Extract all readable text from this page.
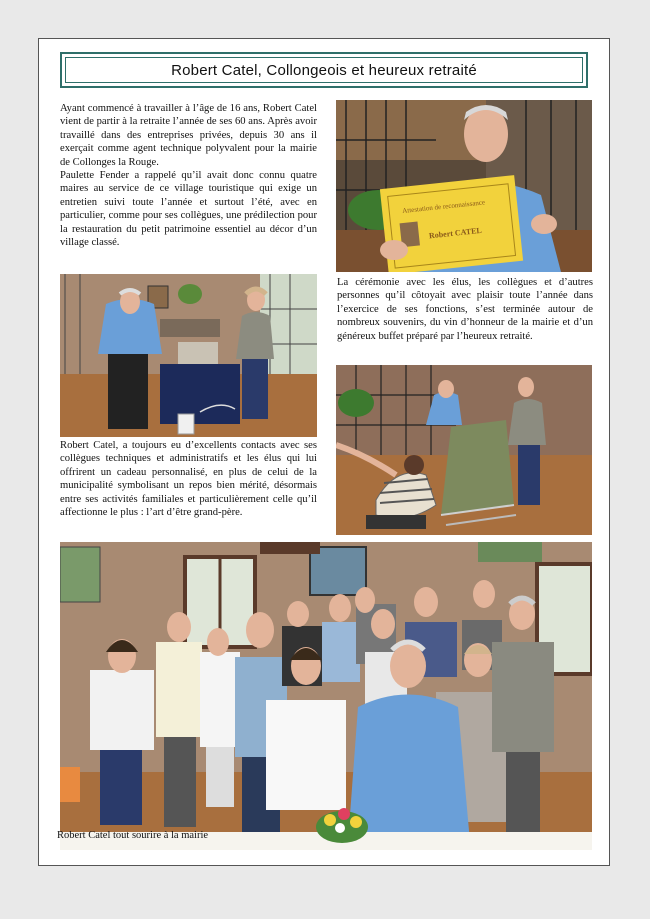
Robert Catel, Collongeois et heureux retraité
Ayant commencé à travailler à l’âge de 16 ans, Robert Catel vient de partir à la retraite l’année de ses 60 ans. Après avoir travaillé dans des entreprises privées, depuis 30 ans il exerçait comme agent technique polyvalent pour la mairie de Collonges la Rouge.
Paulette Fender a rappelé qu’il avait donc connu quatre maires au service de ce village touristique qui exige un entretien suivi toute l’année et surtout l’été, avec en particulier, comme pour ses collègues, une prédilection pour la restauration du petit patrimoine essentiel au décor d’un village classé.
Attestation de reconnaissance
Robert CATEL
La cérémonie avec les élus, les collègues et d’autres personnes qu’il côtoyait avec plaisir toute l’année dans l’exercice de ses fonctions, s’est terminée autour de nombreux souvenirs, du vin d’honneur de la mairie et d’un généreux buffet préparé par l’heureux retraité.
Robert Catel, a toujours eu d’excellents contacts avec ses collègues techniques et administratifs et les élus qui lui offrirent un cadeau personnalisé, en plus de celui de la municipalité symbolisant un repos bien mérité, désormais entre ses activités familiales et particulièrement celle qu’il affectionne le plus : l’art d’être grand-père.
Robert Catel tout sourire à la mairie
